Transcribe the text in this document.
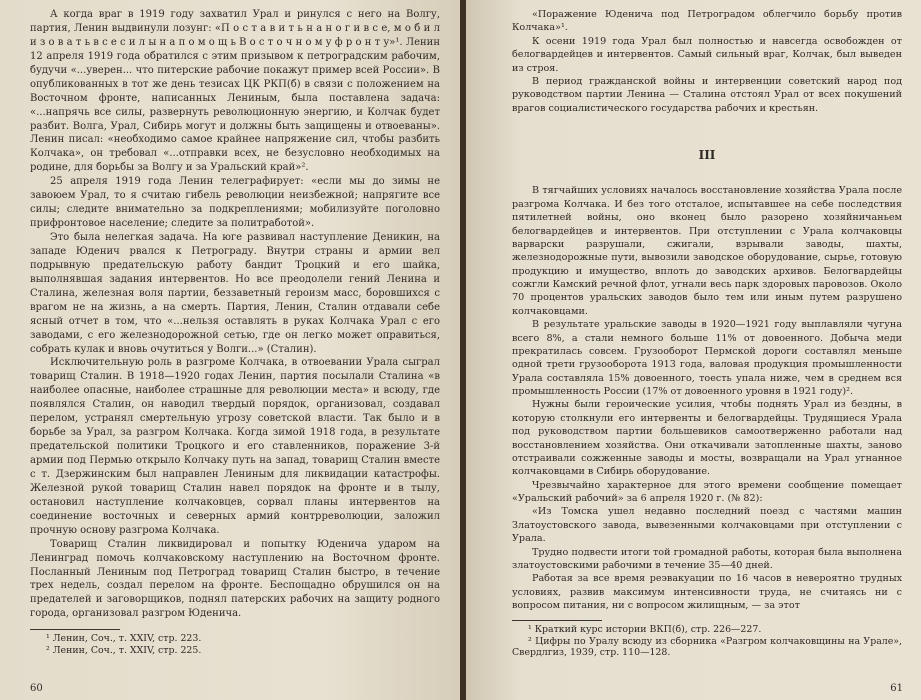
А когда враг в 1919 году захватил Урал и ринулся с него на Волгу, партия, Ленин выдвинули лозунг: «П о с т а в и т ь н а н о г и в с е, м о б и л и з о в а т ь в с е с и л ы н а п о м о щ ь В о с т о ч н о м у ф р о н т у»¹. Ленин 12 апреля 1919 года обратился с этим призывом к петроградским рабочим, будучи «...уверен... что питерские рабочие покажут пример всей России». В опубликованных в тот же день тезисах ЦК РКП(б) в связи с положением на Восточном фронте, написанных Лениным, была поставлена задача: «...напрячь все силы, развернуть революционную энергию, и Колчак будет разбит. Волга, Урал, Сибирь могут и должны быть защищены и отвоеваны». Ленин писал: «необходимо самое крайнее напряжение сил, чтобы разбить Колчака», он требовал «...отправки всех, не безусловно необходимых на родине, для борьбы за Волгу и за Уральский край»².

25 апреля 1919 года Ленин телеграфирует: «если мы до зимы не завоюем Урал, то я считаю гибель революции неизбежной; напрягите все силы; следите внимательно за подкреплениями; мобилизуйте поголовно прифронтовое население; следите за политработой».

Это была нелегкая задача. На юге развивал наступление Деникин, на западе Юденич рвался к Петрограду. Внутри страны и армии вел подрывную предательскую работу бандит Троцкий и его шайка, выполнявшая задания интервентов. Но все преодолели гений Ленина и Сталина, железная воля партии, беззаветный героизм масс, боровшихся с врагом не на жизнь, а на смерть. Партия, Ленин, Сталин отдавали себе ясный отчет в том, что «...нельзя оставлять в руках Колчака Урал с его заводами, с его железнодорожной сетью, где он легко может оправиться, собрать кулак и вновь очутиться у Волги...» (Сталин).

Исключительную роль в разгроме Колчака, в отвоевании Урала сыграл товарищ Сталин. В 1918—1920 годах Ленин, партия посылали Сталина «в наиболее опасные, наиболее страшные для революции места» и всюду, где появлялся Сталин, он наводил твердый порядок, организовал, создавал перелом, устранял смертельную угрозу советской власти. Так было и в борьбе за Урал, за разгром Колчака. Когда зимой 1918 года, в результате предательской политики Троцкого и его ставленников, поражение 3-й армии под Пермью открыло Колчаку путь на запад, товарищ Сталин вместе с т. Дзержинским был направлен Лениным для ликвидации катастрофы. Железной рукой товарищ Сталин навел порядок на фронте и в тылу, остановил наступление колчаковцев, сорвал планы интервентов на соединение восточных и северных армий контрреволюции, заложил прочную основу разгрома Колчака.

Товарищ Сталин ликвидировал и попытку Юденича ударом на Ленинград помочь колчаковскому наступлению на Восточном фронте. Посланный Лениным под Петроград товарищ Сталин быстро, в течение трех недель, создал перелом на фронте. Беспощадно обрушился он на предателей и заговорщиков, поднял патерских рабочих на защиту родного города, организовал разгром Юденича.

¹ Ленин, Соч., т. XXIV, стр. 223.

² Ленин, Соч., т. XXIV, стр. 225.

60

«Поражение Юденича под Петроградом облегчило борьбу против Колчака»¹.

К осени 1919 года Урал был полностью и навсегда освобожден от белогвардейцев и интервентов. Самый сильный враг, Колчак, был выведен из строя.

В период гражданской войны и интервенции советский народ под руководством партии Ленина — Сталина отстоял Урал от всех покушений врагов социалистического государства рабочих и крестьян.

III

В тягчайших условиях началось восстановление хозяйства Урала после разгрома Колчака. И без того отсталое, испытавшее на себе последствия пятилетней войны, оно вконец было разорено хозяйничаньем белогвардейцев и интервентов. При отступлении с Урала колчаковцы варварски разрушали, сжигали, взрывали заводы, шахты, железнодорожные пути, вывозили заводское оборудование, сырье, готовую продукцию и имущество, вплоть до заводских архивов. Белогвардейцы сожгли Камский речной флот, угнали весь парк здоровых паровозов. Около 70 процентов уральских заводов было тем или иным путем разрушено колчаковцами.

В результате уральские заводы в 1920—1921 году выплавляли чугуна всего 8%, а стали немного больше 11% от довоенного. Добыча меди прекратилась совсем. Грузооборот Пермской дороги составлял меньше одной трети грузооборота 1913 года, валовая продукция промышленности Урала составляла 15% довоенного, тоесть упала ниже, чем в среднем вся промышленность России (17% от довоенного уровня в 1921 году)².

Нужны были героические усилия, чтобы поднять Урал из бездны, в которую столкнули его интервенты и белогвардейцы. Трудящиеся Урала под руководством партии большевиков самоотверженно работали над восстановлением хозяйства. Они откачивали затопленные шахты, заново отстраивали сожженные заводы и мосты, возвращали на Урал угнанное колчаковцами в Сибирь оборудование.

Чрезвычайно характерное для этого времени сообщение помещает «Уральский рабочий» за 6 апреля 1920 г. (№ 82):

«Из Томска ушел недавно последний поезд с частями машин Златоустовского завода, вывезенными колчаковцами при отступлении с Урала.

Трудно подвести итоги той громадной работы, которая была выполнена златоустовскими рабочими в течение 35—40 дней.

Работая за все время реэвакуации по 16 часов в невероятно трудных условиях, развив максимум интенсивности труда, не считаясь ни с вопросом питания, ни с вопросом жилищным, — за этот

¹ Краткий курс истории ВКП(б), стр. 226—227.

² Цифры по Уралу всюду из сборника «Разгром колчаковщины на Урале», Свердлгиз, 1939, стр. 110—128.

61
